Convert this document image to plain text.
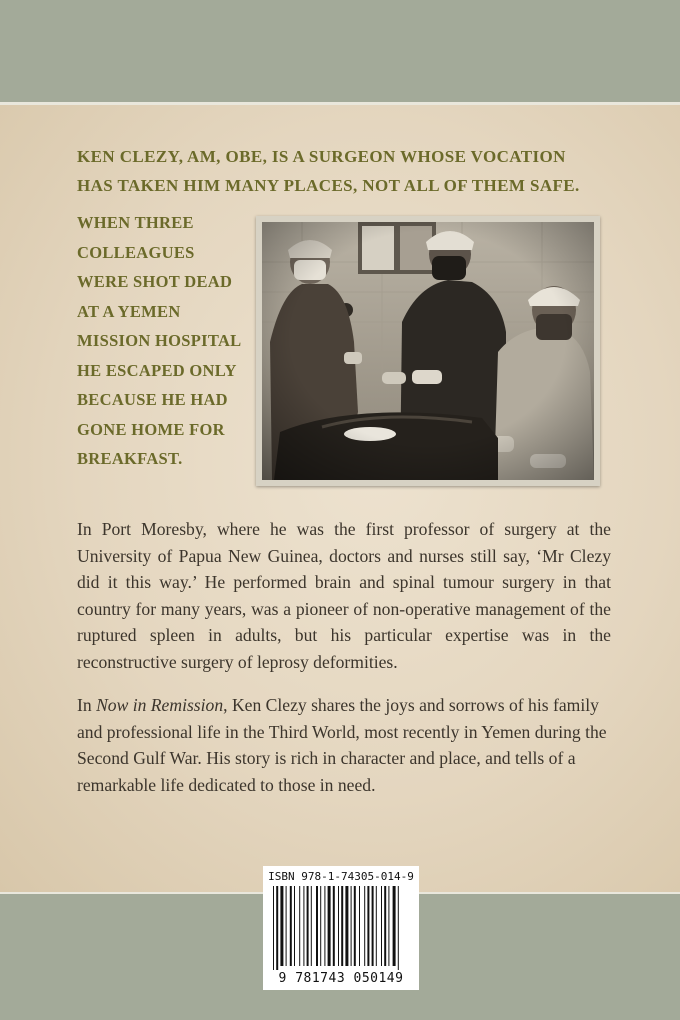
KEN CLEZY, AM, OBE, IS A SURGEON WHOSE VOCATION
HAS TAKEN HIM MANY PLACES, NOT ALL OF THEM SAFE.
WHEN THREE
COLLEAGUES
WERE SHOT DEAD
AT A YEMEN
MISSION HOSPITAL
HE ESCAPED ONLY
BECAUSE HE HAD
GONE HOME FOR
BREAKFAST.

In Port Moresby, where he was the first professor of surgery at the University of Papua New Guinea, doctors and nurses still say, ‘Mr Clezy did it this way.’ He performed brain and spinal tumour surgery in that country for many years, was a pioneer of non-operative management of the ruptured spleen in adults, but his particular expertise was in the reconstructive surgery of leprosy deformities.

In Now in Remission, Ken Clezy shares the joys and sorrows of his family and professional life in the Third World, most recently in Yemen during the Second Gulf War. His story is rich in character and place, and tells of a remarkable life dedicated to those in need.

ISBN 978-1-74305-014-9
9 781743 050149
